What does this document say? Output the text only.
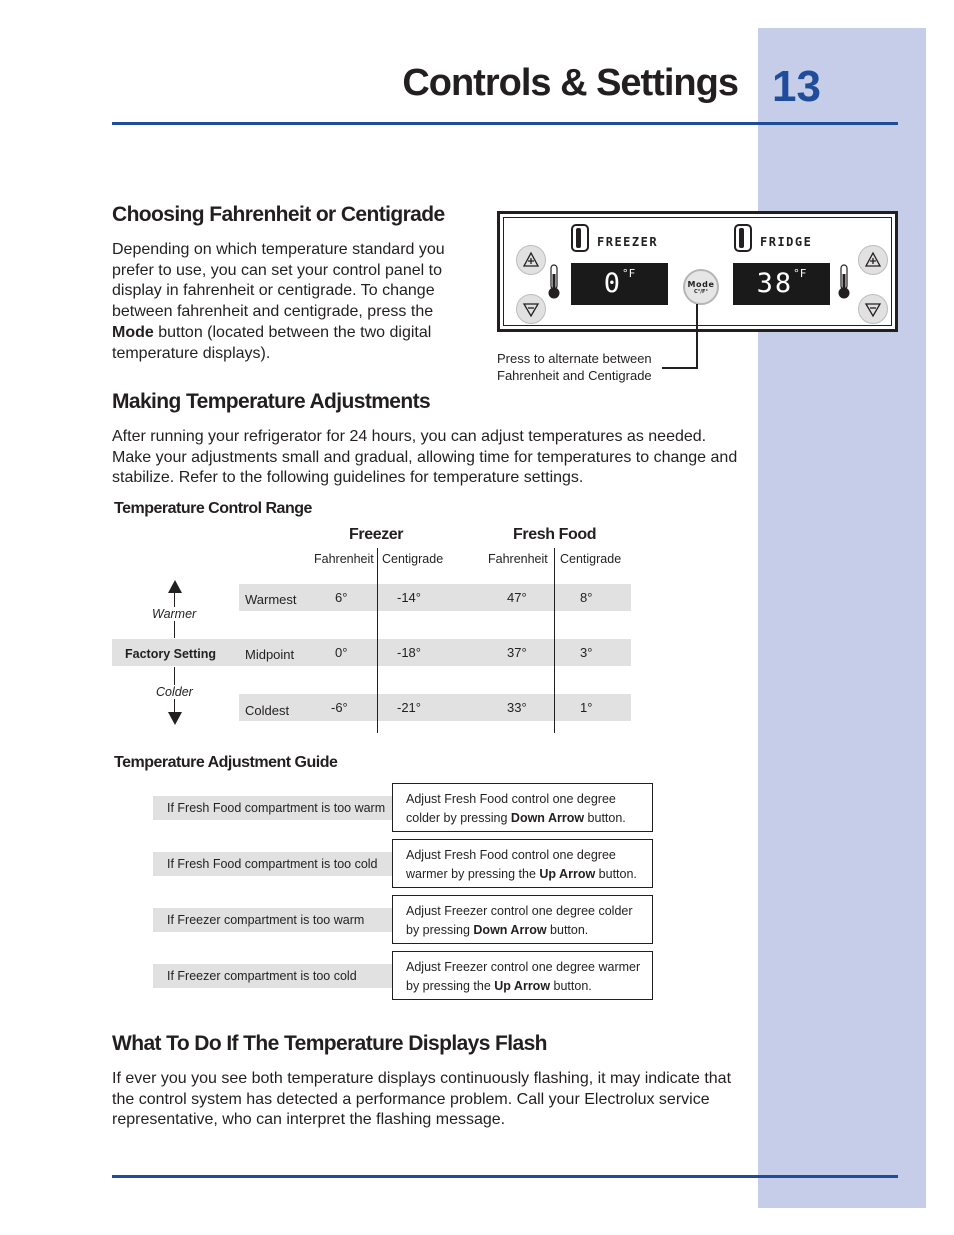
Controls & Settings 13
Choosing Fahrenheit or Centigrade

Depending on which temperature standard you prefer to use, you can set your control panel to display in fahrenheit or centigrade. To change between fahrenheit and centigrade, press the Mode button (located between the two digital temperature displays).

FREEZER
$0^{^\circ F}$
Mode
C°/F°
FRIDGE
$38^{^\circ F}$
Press to alternate between
Fahrenheit and Centigrade
Making Temperature Adjustments

After running your refrigerator for 24 hours, you can adjust temperatures as needed. Make your adjustments small and gradual, allowing time for temperatures to change and stabilize. Refer to the following guidelines for temperature settings.

Temperature Control Range
Freezer	Fresh Food
Fahrenheit Centigrade	Fahrenheit Centigrade
Warmer
Colder
Factory Setting
Warmest	6°	-14°	47°	8°
Midpoint	0°	-18°	37°	3°
Coldest	-6°	-21°	33°	1°
Temperature Adjustment Guide
If Fresh Food compartment is too warm
Adjust Fresh Food control one degree
colder by pressing Down Arrow button.
If Fresh Food compartment is too cold
Adjust Fresh Food control one degree
warmer by pressing the Up Arrow button.
If Freezer compartment is too warm
Adjust Freezer control one degree colder
by pressing Down Arrow button.
If Freezer compartment is too cold
Adjust Freezer control one degree warmer
by pressing the Up Arrow button.
What To Do If The Temperature Displays Flash

If ever you you see both temperature displays continuously flashing, it may indicate that the control system has detected a performance problem. Call your Electrolux service representative, who can interpret the flashing message.
